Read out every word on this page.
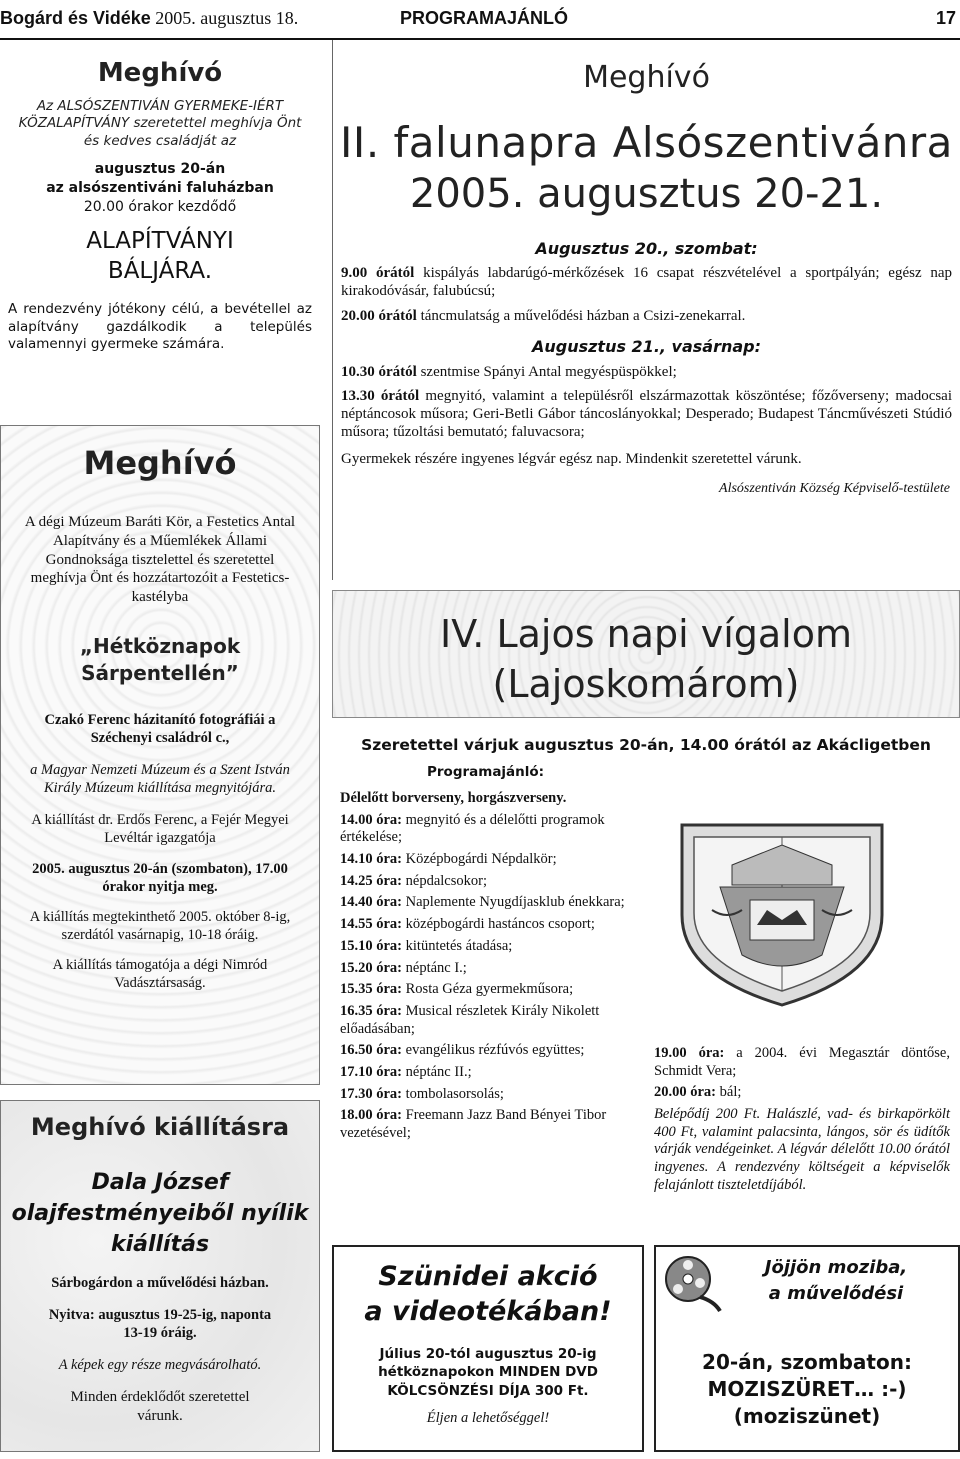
Bogárd és Vidéke 2005. augusztus 18.	PROGRAMAJÁNLÓ	17
Meghívó
Az ALSÓSZENTIVÁN GYERMEKE-IÉRT KÖZALAPÍTVÁNY szeretettel meghívja Önt és kedves családját az
augusztus 20-án
az alsószentiváni faluházban
20.00 órakor kezdődő
ALAPÍTVÁNYI
BÁLJÁRA.
A rendezvény jótékony célú, a bevétellel az alapítvány gazdálkodik a település valamennyi gyermeke számára.
Meghívó
A dégi Múzeum Baráti Kör, a Festetics Antal Alapítvány és a Műemlékek Állami Gondnoksága tisztelettel és szeretettel meghívja Önt és hozzátartozóit a Festetics-kastélyba
„Hétköznapok
Sárpentellén”
Czakó Ferenc házitanító fotográfiái a Széchenyi családról c.,
a Magyar Nemzeti Múzeum és a Szent István Király Múzeum kiállítása megnyitójára.
A kiállítást dr. Erdős Ferenc, a Fejér Megyei Levéltár igazgatója
2005. augusztus 20-án (szombaton), 17.00 órakor nyitja meg.
A kiállítás megtekinthető 2005. október 8-ig, szerdától vasárnapig, 10-18 óráig.
A kiállítás támogatója a dégi Nimród Vadásztársaság.
Meghívó kiállításra
Dala József
olajfestményeiből nyílik
kiállítás
Sárbogárdon a művelődési házban.
Nyitva: augusztus 19-25-ig, naponta 13-19 óráig.
A képek egy része megvásárolható.
Minden érdeklődőt szeretettel várunk.
Meghívó
II. falunapra Alsószentivánra
2005. augusztus 20-21.
Augusztus 20., szombat:
9.00 órától kispályás labdarúgó-mérkőzések 16 csapat részvételével a sportpályán; egész nap kirakodóvásár, falubúcsú;
20.00 órától táncmulatság a művelődési házban a Csizi-zenekarral.
Augusztus 21., vasárnap:
10.30 órától szentmise Spányi Antal megyéspüspökkel;
13.30 órától megnyitó, valamint a településről elszármazottak köszöntése; főzőverseny; madocsai néptáncosok műsora; Geri-Betli Gábor táncoslányokkal; Desperado; Budapest Táncművészeti Stúdió műsora; tűzoltási bemutató; faluvacsora;
Gyermekek részére ingyenes légvár egész nap. Mindenkit szeretettel várunk.
Alsószentiván Község Képviselő-testülete
IV. Lajos napi vígalom
(Lajoskomárom)
Szeretettel várjuk augusztus 20-án, 14.00 órától az Akácligetben
Programajánló:

Délelőtt borverseny, horgászverseny.

14.00 óra: megnyitó és a délelőtti programok értékelése;

14.10 óra: Középbogárdi Népdalkör;

14.25 óra: népdalcsokor;

14.40 óra: Naplemente Nyugdíjasklub énekkara;

14.55 óra: középbogárdi hastáncos csoport;

15.10 óra: kitüntetés átadása;

15.20 óra: néptánc I.;

15.35 óra: Rosta Géza gyermekműsora;

16.35 óra: Musical részletek Király Nikolett előadásában;

16.50 óra: evangélikus rézfúvós együttes;

17.10 óra: néptánc II.;

17.30 óra: tombolasorsolás;

18.00 óra: Freemann Jazz Band Bényei Tibor vezetésével;

19.00 óra: a 2004. évi Megasztár döntőse, Schmidt Vera;

20.00 óra: bál;

Belépődíj 200 Ft. Halászlé, vad- és birkapörkölt 400 Ft, valamint palacsinta, lángos, sör és üdítők várják vendégeinket. A légvár délelőtt 10.00 órától ingyenes. A rendezvény költségeit a képviselők felajánlott tiszteletdíjából.

Szünidei akció
a videotékában!
Július 20-tól augusztus 20-ig hétköznapokon MINDEN DVD KÖLCSÖNZÉSI DÍJA 300 Ft.
Éljen a lehetőséggel!
Jöjjön moziba,
a művelődési
20-án, szombaton:
MOZISZÜRET… :-)
(moziszünet)
